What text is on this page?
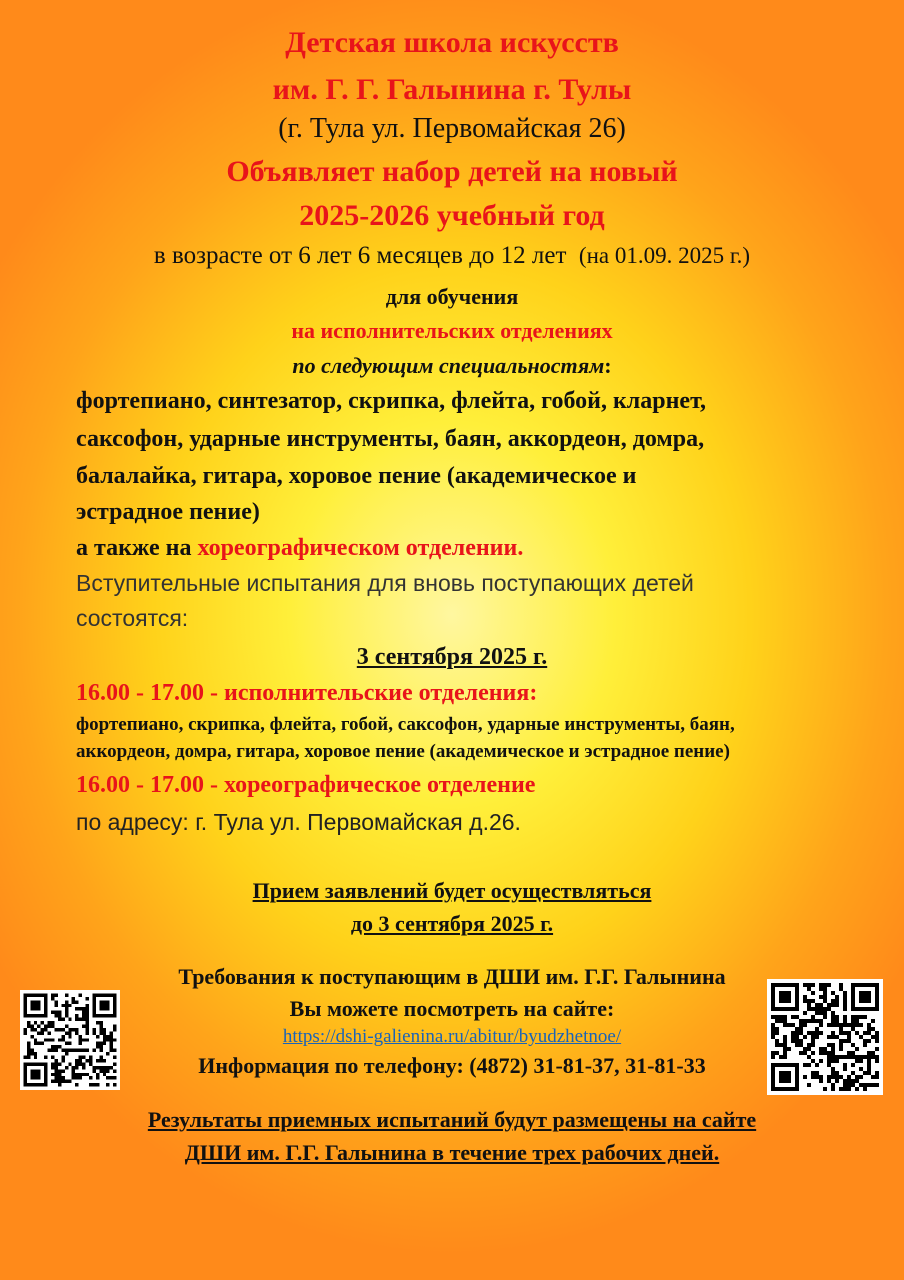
Детская школа искусств
им. Г. Г. Галынина г. Тулы
(г. Тула ул. Первомайская 26)
Объявляет набор детей на новый
2025-2026 учебный год
в возрасте от 6 лет 6 месяцев до 12 лет (на 01.09. 2025 г.)
для обучения
на исполнительских отделениях
по следующим специальностям:
фортепиано, синтезатор, скрипка, флейта, гобой, кларнет,
саксофон, ударные инструменты, баян, аккордеон, домра,
балалайка, гитара, хоровое пение (академическое и
эстрадное пение)
а также на хореографическом отделении.
Вступительные испытания для вновь поступающих детей
состоятся:
3 сентября 2025 г.
16.00 - 17.00 - исполнительские отделения:
фортепиано, скрипка, флейта, гобой, саксофон, ударные инструменты, баян,
аккордеон, домра, гитара, хоровое пение (академическое и эстрадное пение)
16.00 - 17.00 - хореографическое отделение
по адресу: г. Тула ул. Первомайская д.26.
Прием заявлений будет осуществляться
до 3 сентября 2025 г.
Требования к поступающим в ДШИ им. Г.Г. Галынина
Вы можете посмотреть на сайте:
https://dshi-galienina.ru/abitur/byudzhetnoe/
Информация по телефону: (4872) 31-81-37, 31-81-33
Результаты приемных испытаний будут размещены на сайте
ДШИ им. Г.Г. Галынина в течение трех рабочих дней.
